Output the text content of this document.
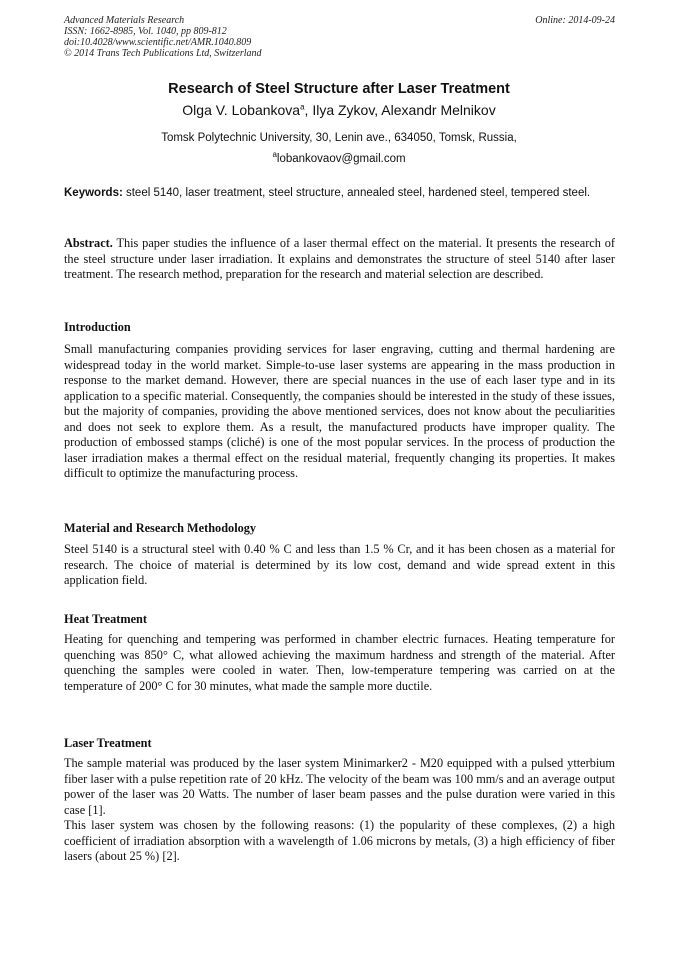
Advanced Materials Research
ISSN: 1662-8985, Vol. 1040, pp 809-812
doi:10.4028/www.scientific.net/AMR.1040.809
© 2014 Trans Tech Publications Ltd, Switzerland
Online: 2014-09-24
Research of Steel Structure after Laser Treatment
Olga V. Lobankova$^a$, Ilya Zykov, Alexandr Melnikov
Tomsk Polytechnic University, 30, Lenin ave., 634050, Tomsk, Russia,
$^a$lobankovaov@gmail.com
Keywords: steel 5140, laser treatment, steel structure, annealed steel, hardened steel, tempered steel.
Abstract. This paper studies the influence of a laser thermal effect on the material. It presents the research of the steel structure under laser irradiation. It explains and demonstrates the structure of steel 5140 after laser treatment. The research method, preparation for the research and material selection are described.
Introduction
Small manufacturing companies providing services for laser engraving, cutting and thermal hardening are widespread today in the world market. Simple-to-use laser systems are appearing in the mass production in response to the market demand. However, there are special nuances in the use of each laser type and in its application to a specific material. Consequently, the companies should be interested in the study of these issues, but the majority of companies, providing the above mentioned services, does not know about the peculiarities and does not seek to explore them. As a result, the manufactured products have improper quality. The production of embossed stamps (cliché) is one of the most popular services. In the process of production the laser irradiation makes a thermal effect on the residual material, frequently changing its properties. It makes difficult to optimize the manufacturing process.
Material and Research Methodology
Steel 5140 is a structural steel with 0.40 % C and less than 1.5 % Cr, and it has been chosen as a material for research. The choice of material is determined by its low cost, demand and wide spread extent in this application field.
Heat Treatment
Heating for quenching and tempering was performed in chamber electric furnaces. Heating temperature for quenching was 850° C, what allowed achieving the maximum hardness and strength of the material. After quenching the samples were cooled in water. Then, low-temperature tempering was carried on at the temperature of 200° C for 30 minutes, what made the sample more ductile.
Laser Treatment

The sample material was produced by the laser system Minimarker2 - M20 equipped with a pulsed ytterbium fiber laser with a pulse repetition rate of 20 kHz. The velocity of the beam was 100 mm/s and an average output power of the laser was 20 Watts. The number of laser beam passes and the pulse duration were varied in this case [1].

This laser system was chosen by the following reasons: (1) the popularity of these complexes, (2) a high coefficient of irradiation absorption with a wavelength of 1.06 microns by metals, (3) a high efficiency of fiber lasers (about 25 %) [2].
